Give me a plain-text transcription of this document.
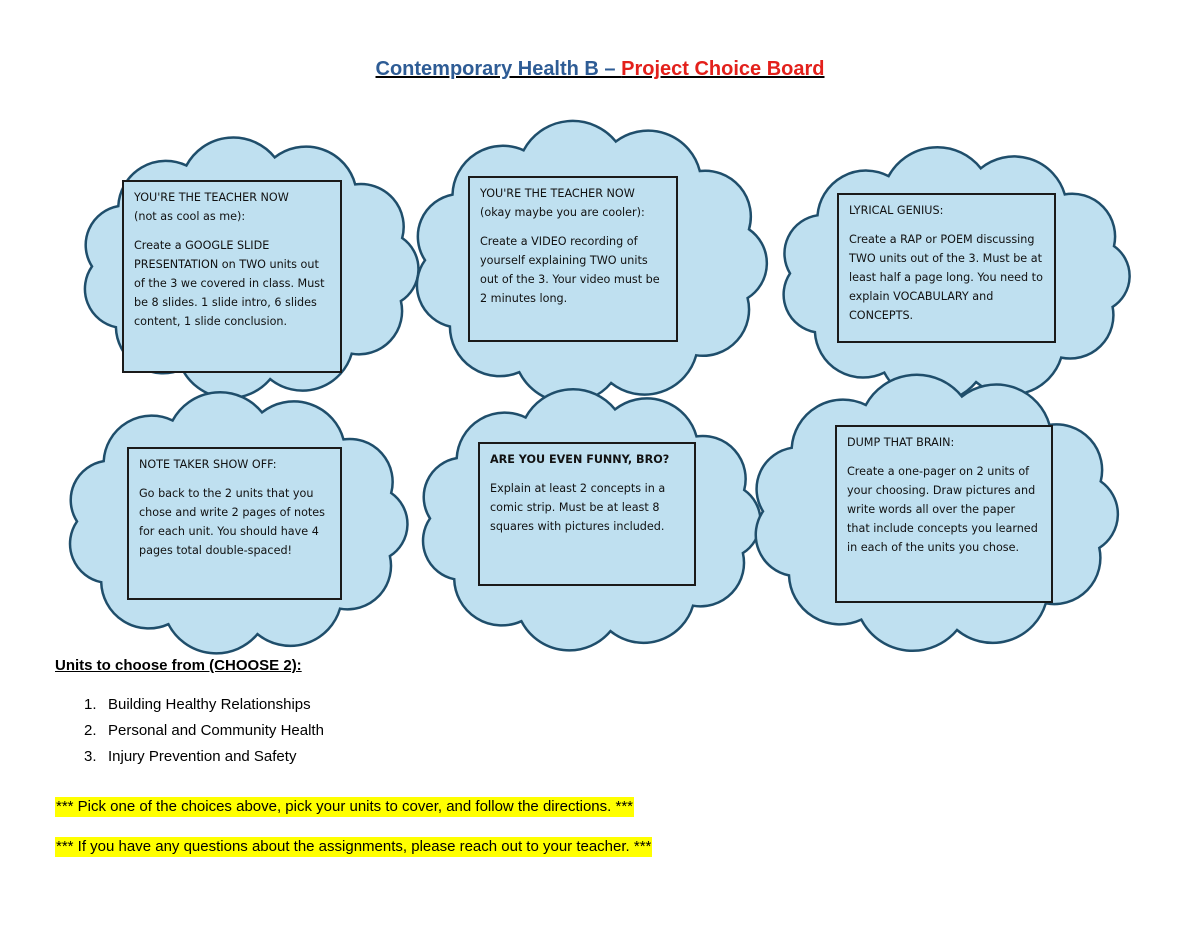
Contemporary Health B – Project Choice Board
YOU'RE THE TEACHER NOW
(not as cool as me):
Create a GOOGLE SLIDE PRESENTATION on TWO units out of the 3 we covered in class. Must be 8 slides. 1 slide intro, 6 slides content, 1 slide conclusion.
YOU'RE THE TEACHER NOW
(okay maybe you are cooler):
Create a VIDEO recording of yourself explaining TWO units out of the 3. Your video must be 2 minutes long.
LYRICAL GENIUS:
Create a RAP or POEM discussing TWO units out of the 3. Must be at least half a page long. You need to explain VOCABULARY and CONCEPTS.
NOTE TAKER SHOW OFF:
Go back to the 2 units that you chose and write 2 pages of notes for each unit. You should have 4 pages total double-spaced!
ARE YOU EVEN FUNNY, BRO?
Explain at least 2 concepts in a comic strip. Must be at least 8 squares with pictures included.
DUMP THAT BRAIN:
Create a one-pager on 2 units of your choosing. Draw pictures and write words all over the paper that include concepts you learned in each of the units you chose.
Units to choose from (CHOOSE 2):
1. Building Healthy Relationships
2. Personal and Community Health
3. Injury Prevention and Safety
*** Pick one of the choices above, pick your units to cover, and follow the directions. ***
*** If you have any questions about the assignments, please reach out to your teacher. ***
